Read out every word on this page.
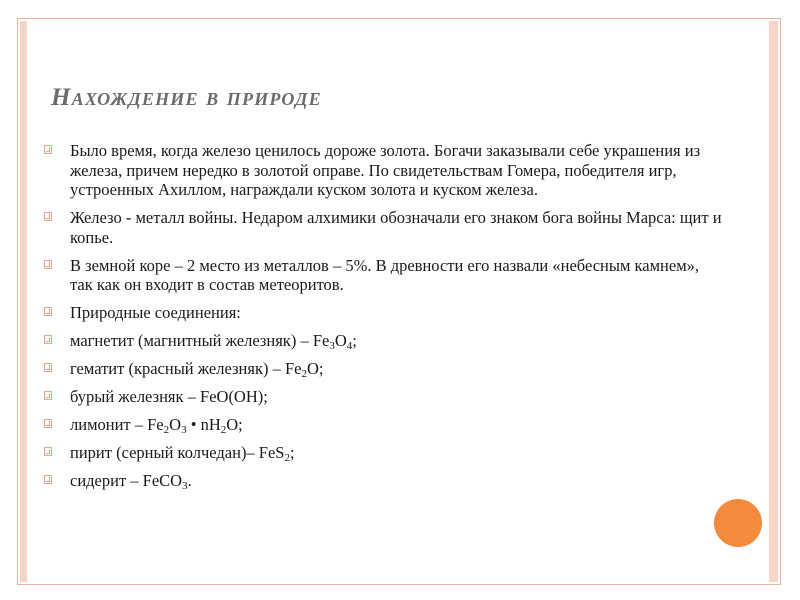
Нахождение в природе
Было время, когда железо ценилось дороже золота. Богачи заказывали себе украшения из железа, причем нередко в золотой оправе. По свидетельствам Гомера, победителя игр, устроенных Ахиллом, награждали куском золота и куском железа.
Железо - металл войны. Недаром алхимики обозначали его знаком бога войны Марса: щит и копье.
В земной коре – 2 место из металлов – 5%. В древности его назвали «небесным камнем», так как он входит в состав метеоритов.
Природные соединения:
магнетит (магнитный железняк) – $Fe_3O_4$;
гематит (красный железняк) – $Fe_2O$;
бурый железняк – FeO(OH);
лимонит – $Fe_2O_3$ • $nH_2O$;
пирит (серный колчедан)– FeS$_2$;
сидерит – FeCO$_3$.
